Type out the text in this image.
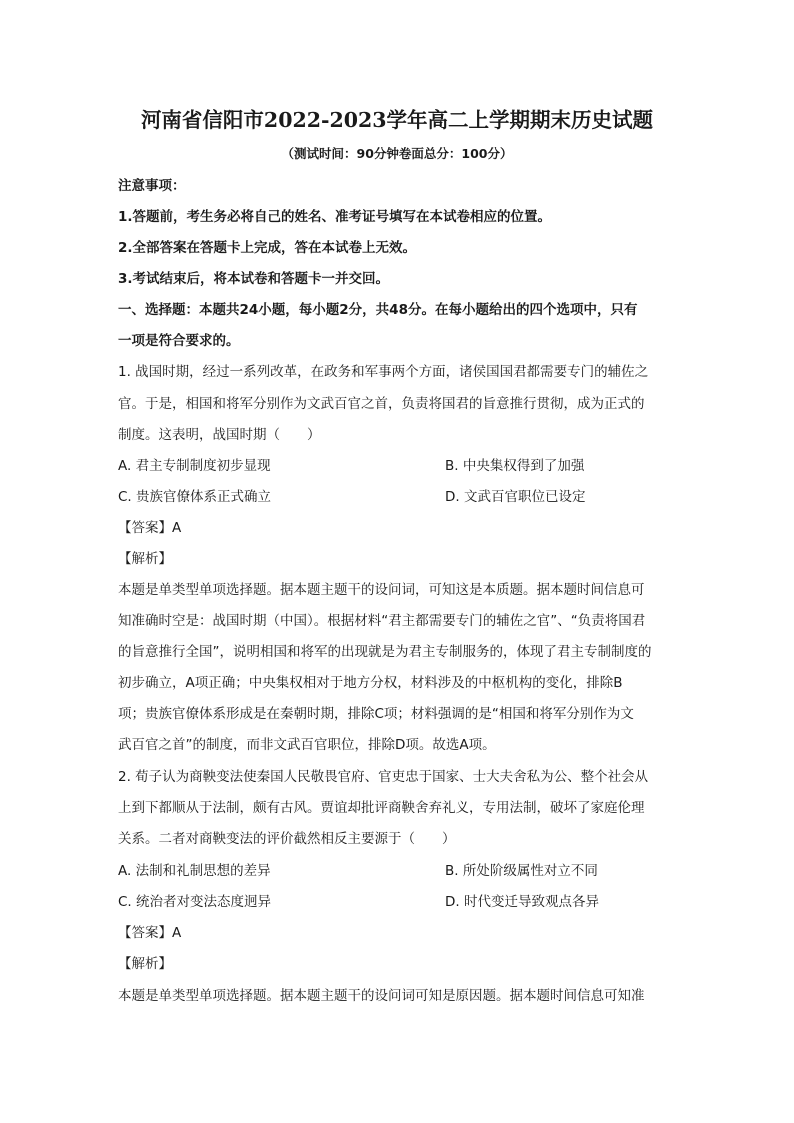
河南省信阳市2022-2023学年高二上学期期末历史试题
（测试时间：90分钟卷面总分：100分）
注意事项：
1.答题前，考生务必将自己的姓名、准考证号填写在本试卷相应的位置。
2.全部答案在答题卡上完成，答在本试卷上无效。
3.考试结束后，将本试卷和答题卡一并交回。
一、选择题：本题共24小题，每小题2分，共48分。在每小题给出的四个选项中，只有
一项是符合要求的。
1. 战国时期，经过一系列改革，在政务和军事两个方面，诸侯国国君都需要专门的辅佐之
官。于是，相国和将军分别作为文武百官之首，负责将国君的旨意推行贯彻，成为正式的
制度。这表明，战国时期（　　）
A. 君主专制制度初步显现	B. 中央集权得到了加强
C. 贵族官僚体系正式确立	D. 文武百官职位已设定
【答案】A
【解析】
本题是单类型单项选择题。据本题主题干的设问词，可知这是本质题。据本题时间信息可
知准确时空是：战国时期（中国）。根据材料“君主都需要专门的辅佐之官”、“负责将国君
的旨意推行全国”，说明相国和将军的出现就是为君主专制服务的，体现了君主专制制度的
初步确立，A项正确；中央集权相对于地方分权，材料涉及的中枢机构的变化，排除B
项；贵族官僚体系形成是在秦朝时期，排除C项；材料强调的是“相国和将军分别作为文
武百官之首”的制度，而非文武百官职位，排除D项。故选A项。
2. 荀子认为商鞅变法使秦国人民敬畏官府、官吏忠于国家、士大夫舍私为公、整个社会从
上到下都顺从于法制，颇有古风。贾谊却批评商鞅舍弃礼义，专用法制，破坏了家庭伦理
关系。二者对商鞅变法的评价截然相反主要源于（　　）
A. 法制和礼制思想的差异	B. 所处阶级属性对立不同
C. 统治者对变法态度迥异	D. 时代变迁导致观点各异
【答案】A
【解析】
本题是单类型单项选择题。据本题主题干的设问词可知是原因题。据本题时间信息可知准
